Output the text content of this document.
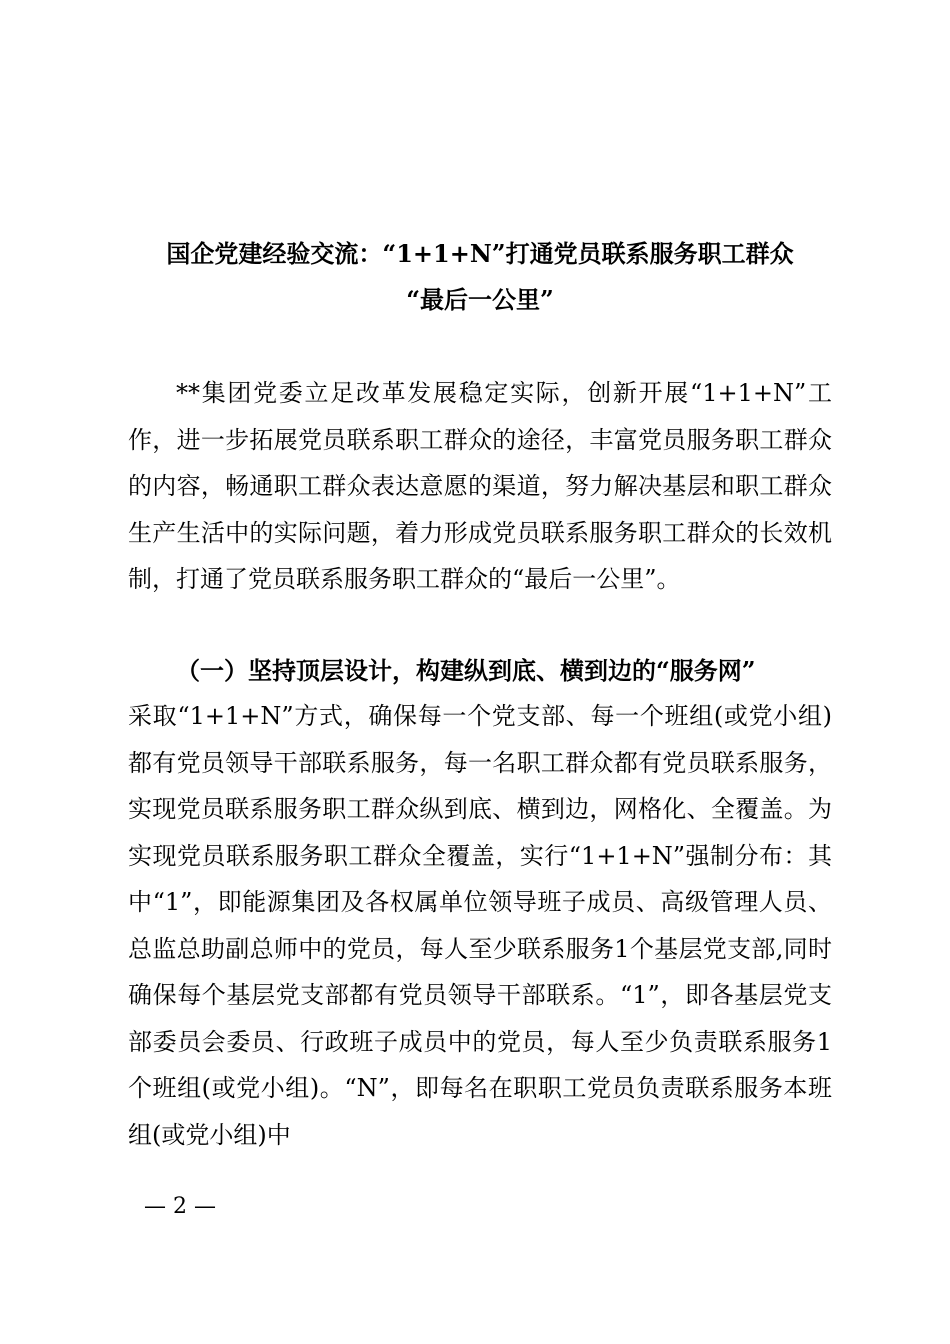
国企党建经验交流：“1+1+N”打通党员联系服务职工群众
“最后一公里”

**集团党委立足改革发展稳定实际，创新开展“1+1+N”工作，进一步拓展党员联系职工群众的途径，丰富党员服务职工群众的内容，畅通职工群众表达意愿的渠道，努力解决基层和职工群众生产生活中的实际问题，着力形成党员联系服务职工群众的长效机制，打通了党员联系服务职工群众的“最后一公里”。

（一）坚持顶层设计，构建纵到底、横到边的“服务网”

采取“1+1+N”方式，确保每一个党支部、每一个班组(或党小组)都有党员领导干部联系服务，每一名职工群众都有党员联系服务，实现党员联系服务职工群众纵到底、横到边，网格化、全覆盖。为实现党员联系服务职工群众全覆盖，实行“1+1+N”强制分布：其中“1”，即能源集团及各权属单位领导班子成员、高级管理人员、总监总助副总师中的党员，每人至少联系服务1个基层党支部,同时确保每个基层党支部都有党员领导干部联系。“1”，即各基层党支部委员会委员、行政班子成员中的党员，每人至少负责联系服务1个班组(或党小组)。“N”，即每名在职职工党员负责联系服务本班组(或党小组)中

— 2 —
